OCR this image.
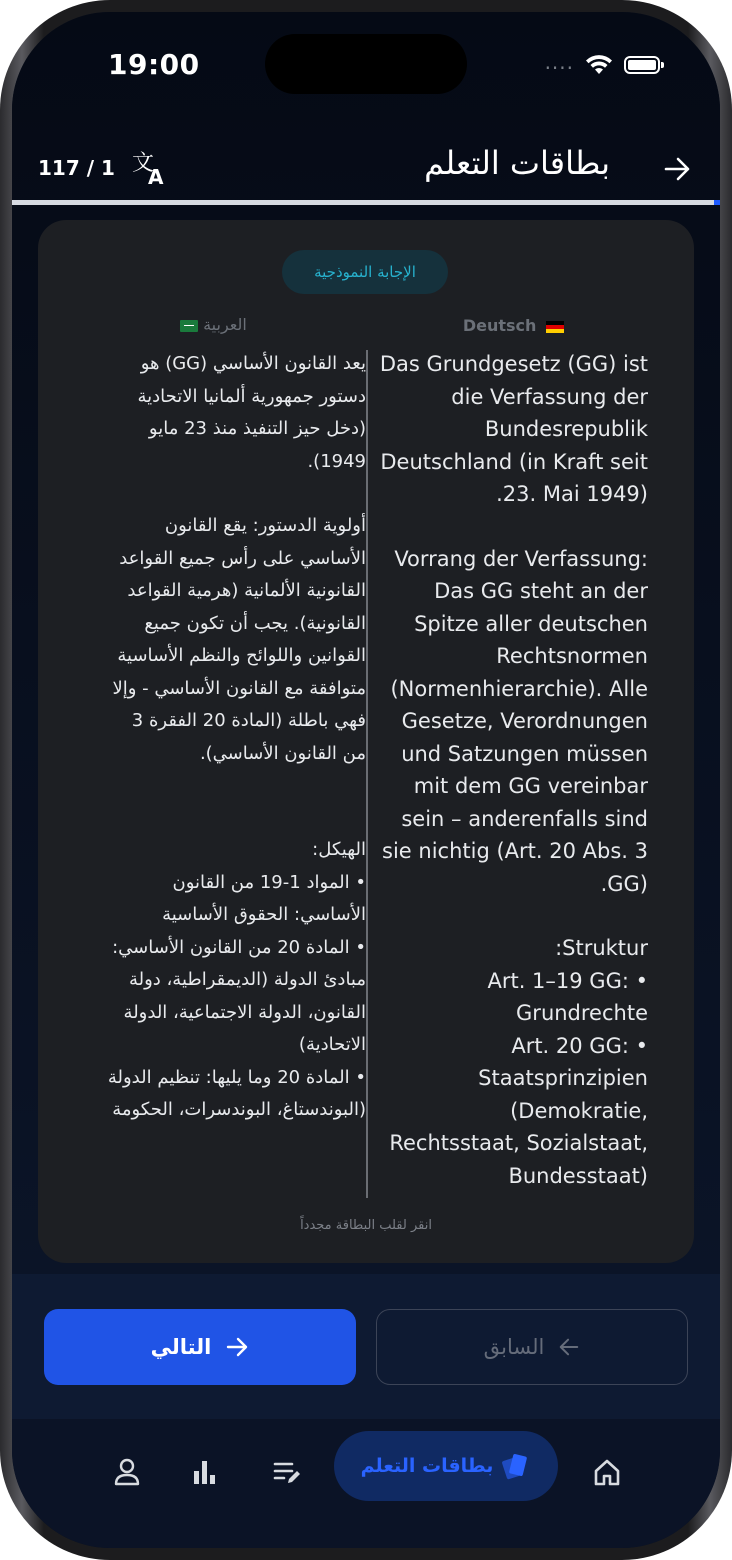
19:00	....
117 / 1 文
A	بطاقات التعلم
الإجابة النموذجية
Deutsch
العربية

Das Grundgesetz (GG) ist die Verfassung der Bundesrepublik Deutschland (in Kraft seit 23. Mai 1949).

Vorrang der Verfassung: Das GG steht an der Spitze aller deutschen Rechtsnormen (Normenhierarchie). Alle Gesetze, Verordnungen und Satzungen müssen mit dem GG vereinbar sein – anderenfalls sind sie nichtig (Art. 20 Abs. 3 GG).

Struktur:
• Art. 1–19 GG: Grundrechte
• Art. 20 GG: Staatsprinzipien (Demokratie, Rechtsstaat, Sozialstaat, Bundesstaat)

يعد القانون الأساسي (GG) هو دستور جمهورية ألمانيا الاتحادية (دخل حيز التنفيذ منذ 23 مايو 1949).

أولوية الدستور: يقع القانون الأساسي على رأس جميع القواعد القانونية الألمانية (هرمية القواعد القانونية). يجب أن تكون جميع القوانين واللوائح والنظم الأساسية متوافقة مع القانون الأساسي - وإلا فهي باطلة (المادة 20 الفقرة 3 من القانون الأساسي).

الهيكل:
• المواد 1-19 من القانون الأساسي: الحقوق الأساسية
• المادة 20 من القانون الأساسي: مبادئ الدولة (الديمقراطية، دولة القانون، الدولة الاجتماعية، الدولة الاتحادية)
• المادة 20 وما يليها: تنظيم الدولة (البوندستاغ، البوندسرات، الحكومة
انقر لقلب البطاقة مجدداً
التالي	السابق
بطاقات التعلم
